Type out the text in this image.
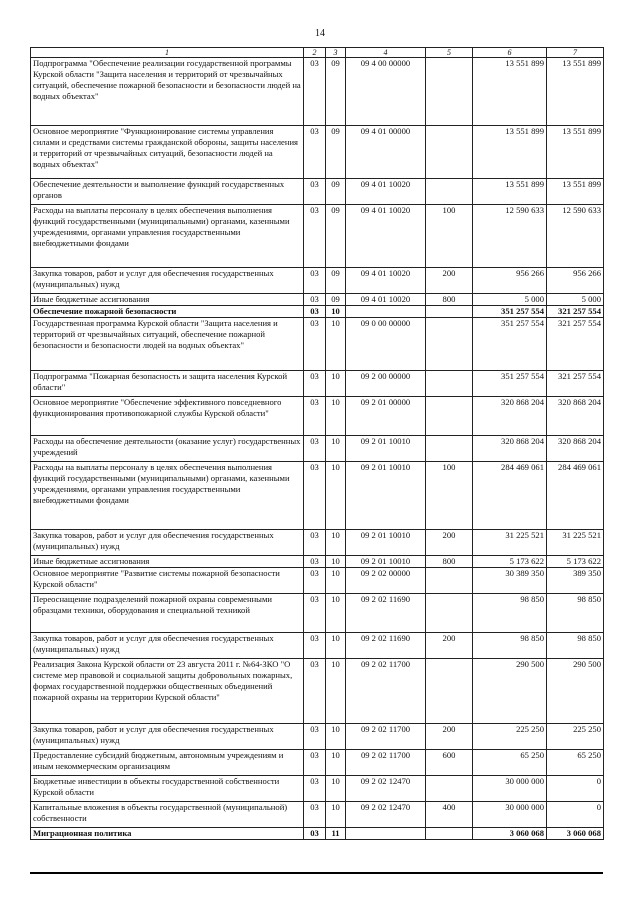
14
1	2	3	4	5	6	7
Подпрограмма "Обеспечение реализации государственной программы Курской области "Защита населения и территорий от чрезвычайных ситуаций, обеспечение пожарной безопасности и безопасности людей на водных объектах"	03	09	09 4 00 00000		13 551 899	13 551 899
Основное мероприятие "Функционирование системы управления силами и средствами системы гражданской обороны, защиты населения и территорий от чрезвычайных ситуаций, безопасности людей на водных объектах"	03	09	09 4 01 00000		13 551 899	13 551 899
Обеспечение деятельности и выполнение функций государственных органов	03	09	09 4 01 10020		13 551 899	13 551 899
Расходы на выплаты персоналу в целях обеспечения выполнения функций государственными (муниципальными) органами, казенными учреждениями, органами управления государственными внебюджетными фондами	03	09	09 4 01 10020	100	12 590 633	12 590 633
Закупка товаров, работ и услуг для обеспечения государственных (муниципальных) нужд	03	09	09 4 01 10020	200	956 266	956 266
Иные бюджетные ассигнования	03	09	09 4 01 10020	800	5 000	5 000
Обеспечение пожарной безопасности	03	10			351 257 554	321 257 554
Государственная программа Курской области "Защита населения и территорий от чрезвычайных ситуаций, обеспечение пожарной безопасности и безопасности людей на водных объектах"	03	10	09 0 00 00000		351 257 554	321 257 554
Подпрограмма "Пожарная безопасность и защита населения Курской области"	03	10	09 2 00 00000		351 257 554	321 257 554
Основное мероприятие "Обеспечение эффективного повседневного функционирования противопожарной службы Курской области"	03	10	09 2 01 00000		320 868 204	320 868 204
Расходы на обеспечение деятельности (оказание услуг) государственных учреждений	03	10	09 2 01 10010		320 868 204	320 868 204
Расходы на выплаты персоналу в целях обеспечения выполнения функций государственными (муниципальными) органами, казенными учреждениями, органами управления государственными внебюджетными фондами	03	10	09 2 01 10010	100	284 469 061	284 469 061
Закупка товаров, работ и услуг для обеспечения государственных (муниципальных) нужд	03	10	09 2 01 10010	200	31 225 521	31 225 521
Иные бюджетные ассигнования	03	10	09 2 01 10010	800	5 173 622	5 173 622
Основное мероприятие "Развитие системы пожарной безопасности Курской области"	03	10	09 2 02 00000		30 389 350	389 350
Переоснащение подразделений пожарной охраны современными образцами техники, оборудования и специальной техникой	03	10	09 2 02 11690		98 850	98 850
Закупка товаров, работ и услуг для обеспечения государственных (муниципальных) нужд	03	10	09 2 02 11690	200	98 850	98 850
Реализация Закона Курской области от 23 августа 2011 г. №64-ЗКО "О системе мер правовой и социальной защиты добровольных пожарных, формах государственной поддержки общественных объединений пожарной охраны на территории Курской области"	03	10	09 2 02 11700		290 500	290 500
Закупка товаров, работ и услуг для обеспечения государственных (муниципальных) нужд	03	10	09 2 02 11700	200	225 250	225 250
Предоставление субсидий бюджетным, автономным учреждениям и иным некоммерческим организациям	03	10	09 2 02 11700	600	65 250	65 250
Бюджетные инвестиции в объекты государственной собственности Курской области	03	10	09 2 02 12470		30 000 000	0
Капитальные вложения в объекты государственной (муниципальной) собственности	03	10	09 2 02 12470	400	30 000 000	0
Миграционная политика	03	11			3 060 068	3 060 068
